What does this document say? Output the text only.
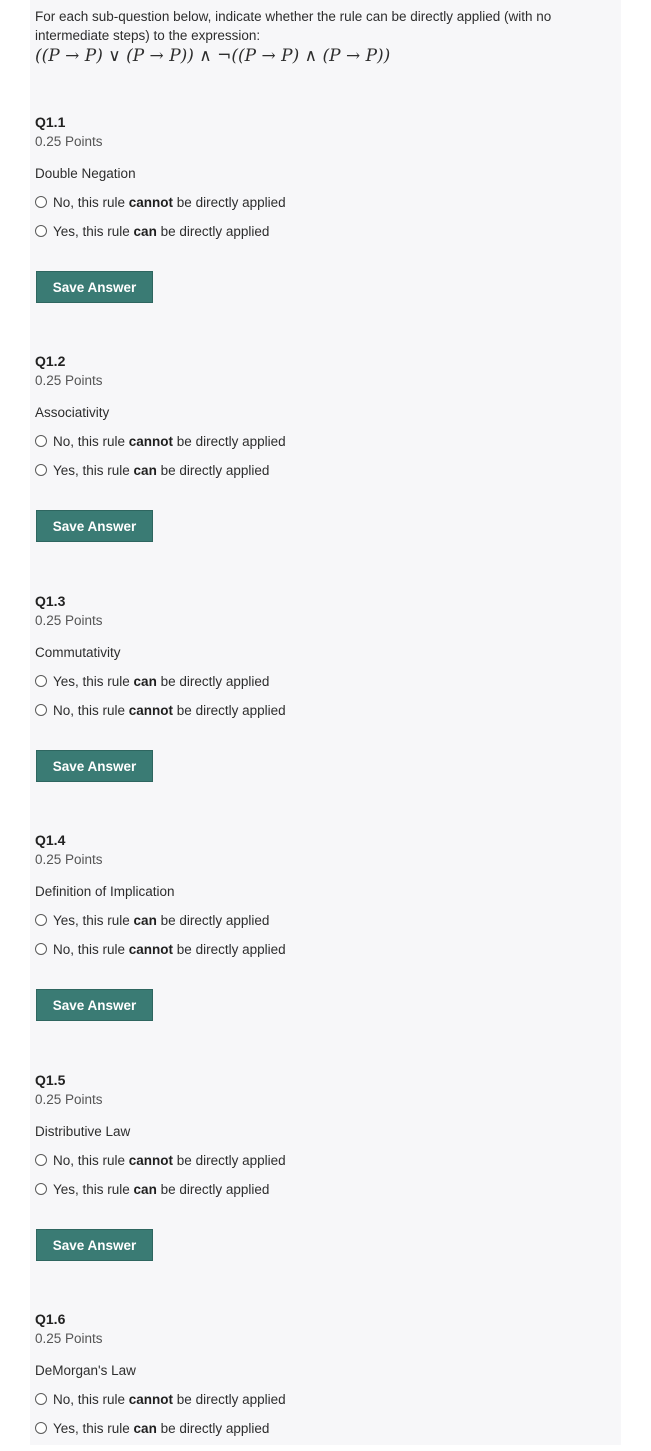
For each sub-question below, indicate whether the rule can be directly applied (with no intermediate steps) to the expression:
((P → P) ∨ (P → P)) ∧ ¬((P → P) ∧ (P → P))
Q1.1
0.25 Points
Double Negation
No, this rule cannot be directly applied
Yes, this rule can be directly applied
Save Answer
Q1.2
0.25 Points
Associativity
No, this rule cannot be directly applied
Yes, this rule can be directly applied
Save Answer
Q1.3
0.25 Points
Commutativity
Yes, this rule can be directly applied
No, this rule cannot be directly applied
Save Answer
Q1.4
0.25 Points
Definition of Implication
Yes, this rule can be directly applied
No, this rule cannot be directly applied
Save Answer
Q1.5
0.25 Points
Distributive Law
No, this rule cannot be directly applied
Yes, this rule can be directly applied
Save Answer
Q1.6
0.25 Points
DeMorgan's Law
No, this rule cannot be directly applied
Yes, this rule can be directly applied
